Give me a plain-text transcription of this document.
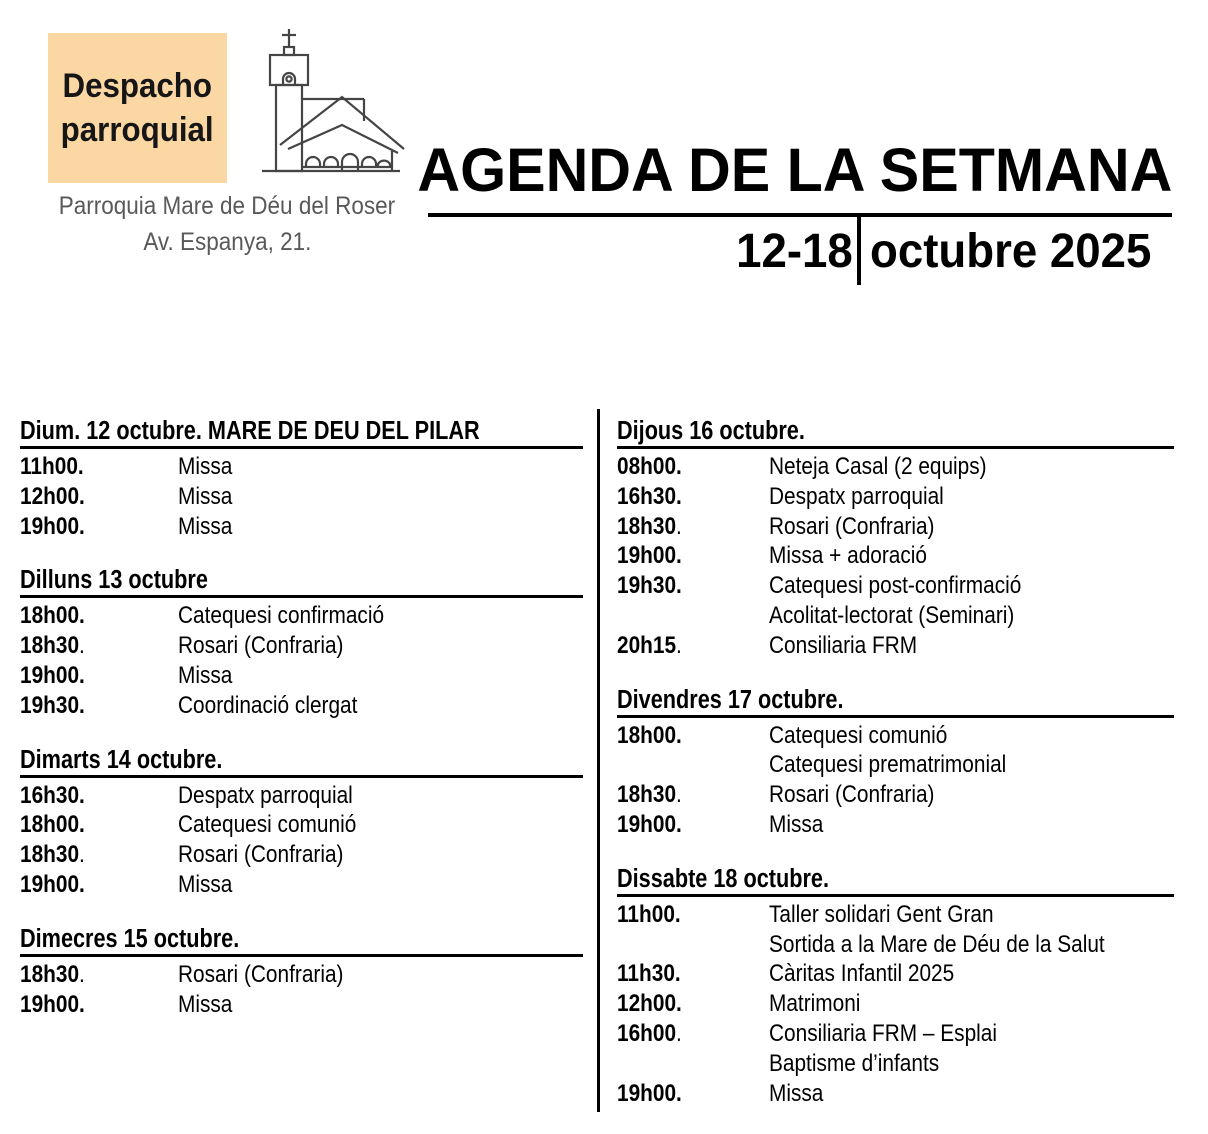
Despacho
parroquial
Parroquia Mare de Déu del Roser
Av. Espanya, 21.
AGENDA DE LA SETMANA
12-18 octubre 2025
Dium. 12 octubre. MARE DE DEU DEL PILAR
11h00.	Missa
12h00.	Missa
19h00.	Missa
Dilluns 13 octubre
18h00.	Catequesi confirmació
18h30.	Rosari (Confraria)
19h00.	Missa
19h30.	Coordinació clergat
Dimarts 14 octubre.
16h30.	Despatx parroquial
18h00.	Catequesi comunió
18h30.	Rosari (Confraria)
19h00.	Missa
Dimecres 15 octubre.
18h30.	Rosari (Confraria)
19h00.	Missa
Dijous 16 octubre.
08h00.	Neteja Casal (2 equips)
16h30.	Despatx parroquial
18h30.	Rosari (Confraria)
19h00.	Missa + adoració
19h30.	Catequesi post-confirmació
Acolitat-lectorat (Seminari)
20h15.	Consiliaria FRM
Divendres 17 octubre.
18h00.	Catequesi comunió
Catequesi prematrimonial
18h30.	Rosari (Confraria)
19h00.	Missa
Dissabte 18 octubre.
11h00.	Taller solidari Gent Gran
Sortida a la Mare de Déu de la Salut
11h30.	Càritas Infantil 2025
12h00.	Matrimoni
16h00.	Consiliaria FRM – Esplai
Baptisme d’infants
19h00.	Missa
